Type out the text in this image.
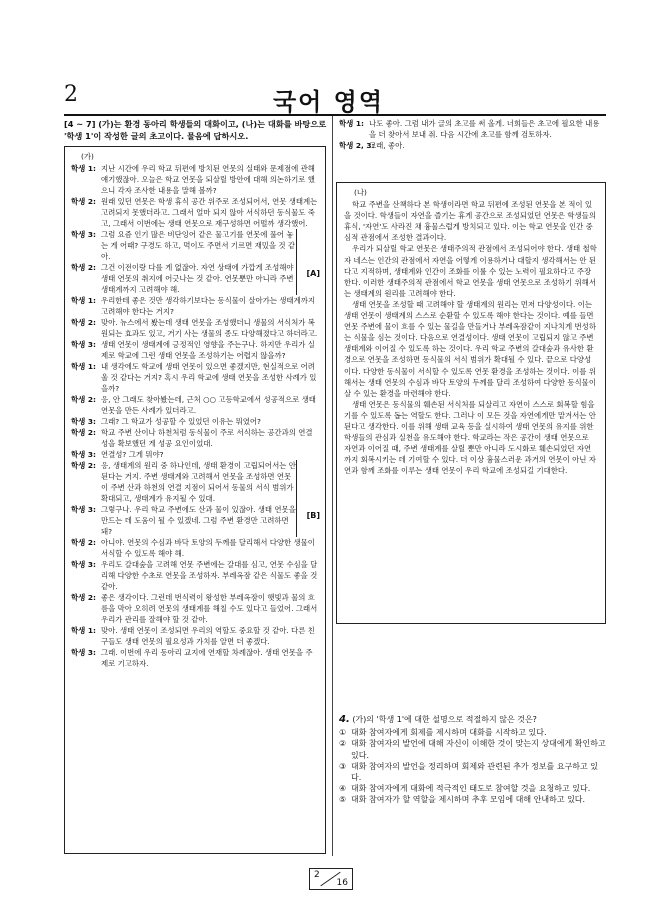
2	국어 영역
[4 ~ 7] (가)는 환경 동아리 학생들의 대화이고, (나)는 대화를 바탕으로 '학생 1'이 작성한 글의 초고이다. 물음에 답하시오.
(가)
학생 1: 지난 시간에 우리 학교 뒤편에 방치된 연못의 실태와 문제점에 관해 얘기했잖아. 오늘은 학교 연못을 되살릴 방안에 대해 의논하기로 했으니 각자 조사한 내용을 말해 볼까?
학생 2: 원래 있던 연못은 학생 휴식 공간 위주로 조성되어서, 연못 생태계는 고려되지 못했더라고. 그래서 얼마 되지 않아 서식하던 동식물도 죽고, 그래서 이번에는 생태 연못으로 재구성하면 어떨까 생각했어.
학생 3: 그럼 요즘 인기 많은 비단잉어 같은 물고기를 연못에 풀어 놓는 게 어때? 구경도 하고, 먹이도 주면서 기르면 재밌을 것 같아.
학생 2: 그건 이전이랑 다를 게 없잖아. 자연 상태에 가깝게 조성해야 생태 연못의 취지에 어긋나는 것 같아. 연못뿐만 아니라 주변 생태계까지 고려해야 해.
[A]
학생 1: 우리한테 좋은 것만 생각하기보다는 동식물이 살아가는 생태계까지 고려해야 한다는 거지?
학생 2: 맞아. 뉴스에서 봤는데 생태 연못을 조성했더니 생물의 서식처가 복원되는 효과도 있고, 거기 사는 생물의 종도 다양해졌다고 하더라고.
학생 3: 생태 연못이 생태계에 긍정적인 영향을 주는구나. 하지만 우리가 실제로 학교에 그런 생태 연못을 조성하기는 어렵지 않을까?
학생 1: 내 생각에도 학교에 생태 연못이 있으면 좋겠지만, 현실적으로 어려울 것 같다는 거지? 혹시 우리 학교에 생태 연못을 조성한 사례가 있을까?
학생 2: 응, 안 그래도 찾아봤는데, 근처 ○○ 고등학교에서 성공적으로 생태 연못을 만든 사례가 있더라고.
학생 3: 그래? 그 학교가 성공할 수 있었던 이유는 뭐였어?
학생 2: 학교 주변 산이나 하천처럼 동식물이 주로 서식하는 공간과의 연결성을 확보했던 게 성공 요인이었대.
학생 3: 연결성? 그게 뭐야?
학생 2: 응, 생태계의 원리 중 하나인데, 생태 환경이 고립되어서는 안 된다는 거지. 주변 생태계와 고려해서 연못을 조성하면 연못이 주변 산과 하천의 연결 지점이 되어서 동물의 서식 범위가 확대되고, 생태계가 유지될 수 있대.
학생 3: 그렇구나. 우리 학교 주변에도 산과 물이 있잖아. 생태 연못을 만드는 데 도움이 될 수 있겠네. 그럼 주변 환경만 고려하면 돼?
[B]
학생 2: 아니야. 연못의 수심과 바닥 토양의 두께를 달리해서 다양한 생물이 서식할 수 있도록 해야 해.
학생 3: 우리도 갈대숲을 고려해 연못 주변에는 갈대를 심고, 연못 수심을 달리해 다양한 수초로 연못을 조성하자. 부레옥잠 같은 식물도 좋을 것 같아.
학생 2: 좋은 생각이다. 그런데 번식력이 왕성한 부레옥잠이 햇빛과 물의 흐름을 막아 오히려 연못의 생태계를 해칠 수도 있다고 들었어. 그래서 우리가 관리를 잘해야 할 것 같아.
학생 1: 맞아. 생태 연못이 조성되면 우리의 역할도 중요할 것 같아. 다른 친구들도 생태 연못의 필요성과 가치를 알면 더 좋겠다.
학생 3: 그래. 이번에 우리 동아리 교지에 연재할 차례잖아. 생태 연못을 주제로 기고하자.
학생 1: 나도 좋아. 그럼 내가 글의 초고를 써 올게. 너희들은 초고에 필요한 내용을 더 찾아서 보내 줘. 다음 시간에 초고를 함께 검토하자.
학생 2, 3:
그래, 좋아.
(나)

학교 주변을 산책하다 본 학생이라면 학교 뒤편에 조성된 연못을 본 적이 있을 것이다. 학생들이 자연을 즐기는 휴게 공간으로 조성되었던 연못은 학생들의 휴식, '자연'도 사라진 채 흉물스럽게 방치되고 있다. 이는 학교 연못을 인간 중심적 관점에서 조성한 결과이다.

우리가 되살릴 학교 연못은 생태주의적 관점에서 조성되어야 한다. 생태 철학자 네스는 인간의 관점에서 자연을 어떻게 이용하거나 대할지 생각해서는 안 된다고 지적하며, 생태계와 인간이 조화를 이룰 수 있는 노력이 필요하다고 주장한다. 이러한 생태주의적 관점에서 학교 연못을 생태 연못으로 조성하기 위해서는 생태계의 원리를 고려해야 한다.

생태 연못을 조성할 때 고려해야 할 생태계의 원리는 먼저 다양성이다. 이는 생태 연못이 생태계의 스스로 순환할 수 있도록 해야 한다는 것이다. 예를 들면 연못 주변에 물이 흐를 수 있는 물길을 만들거나 부레옥잠같이 지나치게 번성하는 식물을 심는 것이다. 다음으로 연결성이다. 생태 연못이 고립되지 않고 주변 생태계와 이어질 수 있도록 하는 것이다. 우리 학교 주변의 갈대숲과 유사한 환경으로 연못을 조성하면 동식물의 서식 범위가 확대될 수 있다. 끝으로 다양성이다. 다양한 동식물이 서식할 수 있도록 연못 환경을 조성하는 것이다. 이를 위해서는 생태 연못의 수심과 바닥 토양의 두께를 달리 조성하여 다양한 동식물이 살 수 있는 환경을 마련해야 한다.

생태 연못은 동식물의 훼손된 서식처를 되살리고 자연이 스스로 회복할 힘을 기를 수 있도록 돕는 역할도 한다. 그러나 이 모든 것을 자연에게만 맡겨서는 안 된다고 생각한다. 이를 위해 생태 교육 등을 실시하여 생태 연못의 유지를 위한 학생들의 관심과 실천을 유도해야 한다. 학교라는 작은 공간이 생태 연못으로 자연과 이어질 때, 주변 생태계를 살릴 뿐만 아니라 도시화로 훼손되었던 자연까지 회복시키는 데 기여할 수 있다. 더 이상 흉물스러운 과거의 연못이 아닌 자연과 함께 조화를 이루는 생태 연못이 우리 학교에 조성되길 기대한다.

4. (가)의 '학생 1'에 대한 설명으로 적절하지 않은 것은?

① 대화 참여자에게 회제를 제시하며 대화를 시작하고 있다.
② 대화 참여자의 발언에 대해 자신이 이해한 것이 맞는지 상대에게 확인하고 있다.
③ 대화 참여자의 발언을 정리하며 회제와 관련된 추가 정보를 요구하고 있다.
④ 대화 참여자에게 대화에 적극적인 태도로 참여할 것을 요청하고 있다.
⑤ 대화 참여자가 할 역할을 제시하며 추후 모임에 대해 안내하고 있다.
2
16
